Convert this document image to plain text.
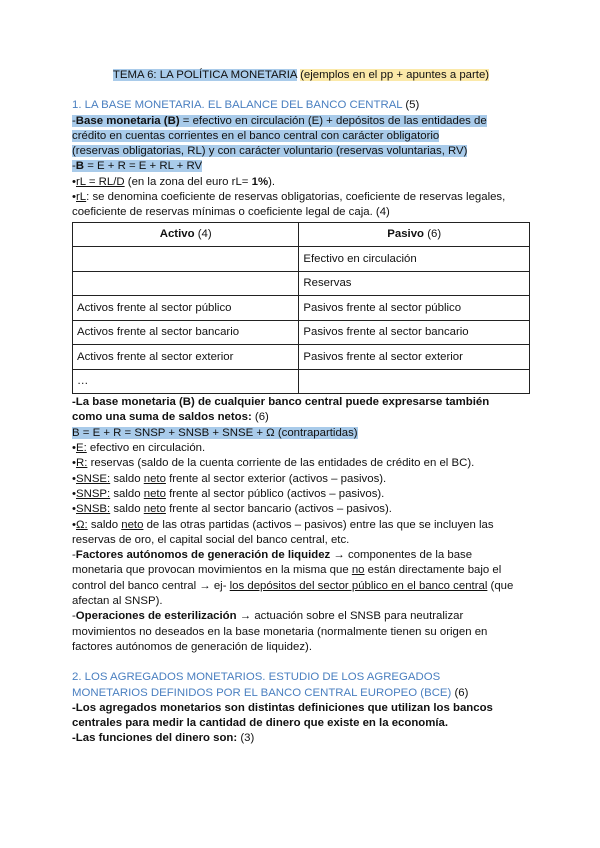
TEMA 6: LA POLÍTICA MONETARIA (ejemplos en el pp + apuntes a parte)
1. LA BASE MONETARIA. EL BALANCE DEL BANCO CENTRAL (5)
-Base monetaria (B) = efectivo en circulación (E) + depósitos de las entidades de
crédito en cuentas corrientes en el banco central con carácter obligatorio
(reservas obligatorias, RL) y con carácter voluntario (reservas voluntarias, RV)
-B = E + R = E + RL + RV
•rL = RL/D (en la zona del euro rL= 1%).
•rL: se denomina coeficiente de reservas obligatorias, coeficiente de reservas legales,
coeficiente de reservas mínimas o coeficiente legal de caja. (4)
Activo (4)	Pasivo (6)
	Efectivo en circulación
	Reservas
Activos frente al sector público	Pasivos frente al sector público
Activos frente al sector bancario	Pasivos frente al sector bancario
Activos frente al sector exterior	Pasivos frente al sector exterior
…	
-La base monetaria (B) de cualquier banco central puede expresarse también
como una suma de saldos netos: (6)
B = E + R = SNSP + SNSB + SNSE + Ω (contrapartidas)
•E: efectivo en circulación.
•R: reservas (saldo de la cuenta corriente de las entidades de crédito en el BC).
•SNSE: saldo neto frente al sector exterior (activos – pasivos).
•SNSP: saldo neto frente al sector público (activos – pasivos).
•SNSB: saldo neto frente al sector bancario (activos – pasivos).
•Ω: saldo neto de las otras partidas (activos – pasivos) entre las que se incluyen las
reservas de oro, el capital social del banco central, etc.
-Factores autónomos de generación de liquidez → componentes de la base
monetaria que provocan movimientos en la misma que no están directamente bajo el
control del banco central → ej- los depósitos del sector público en el banco central (que
afectan al SNSP).
-Operaciones de esterilización → actuación sobre el SNSB para neutralizar
movimientos no deseados en la base monetaria (normalmente tienen su origen en
factores autónomos de generación de liquidez).
2. LOS AGREGADOS MONETARIOS. ESTUDIO DE LOS AGREGADOS
MONETARIOS DEFINIDOS POR EL BANCO CENTRAL EUROPEO (BCE) (6)
-Los agregados monetarios son distintas definiciones que utilizan los bancos
centrales para medir la cantidad de dinero que existe en la economía.
-Las funciones del dinero son: (3)
